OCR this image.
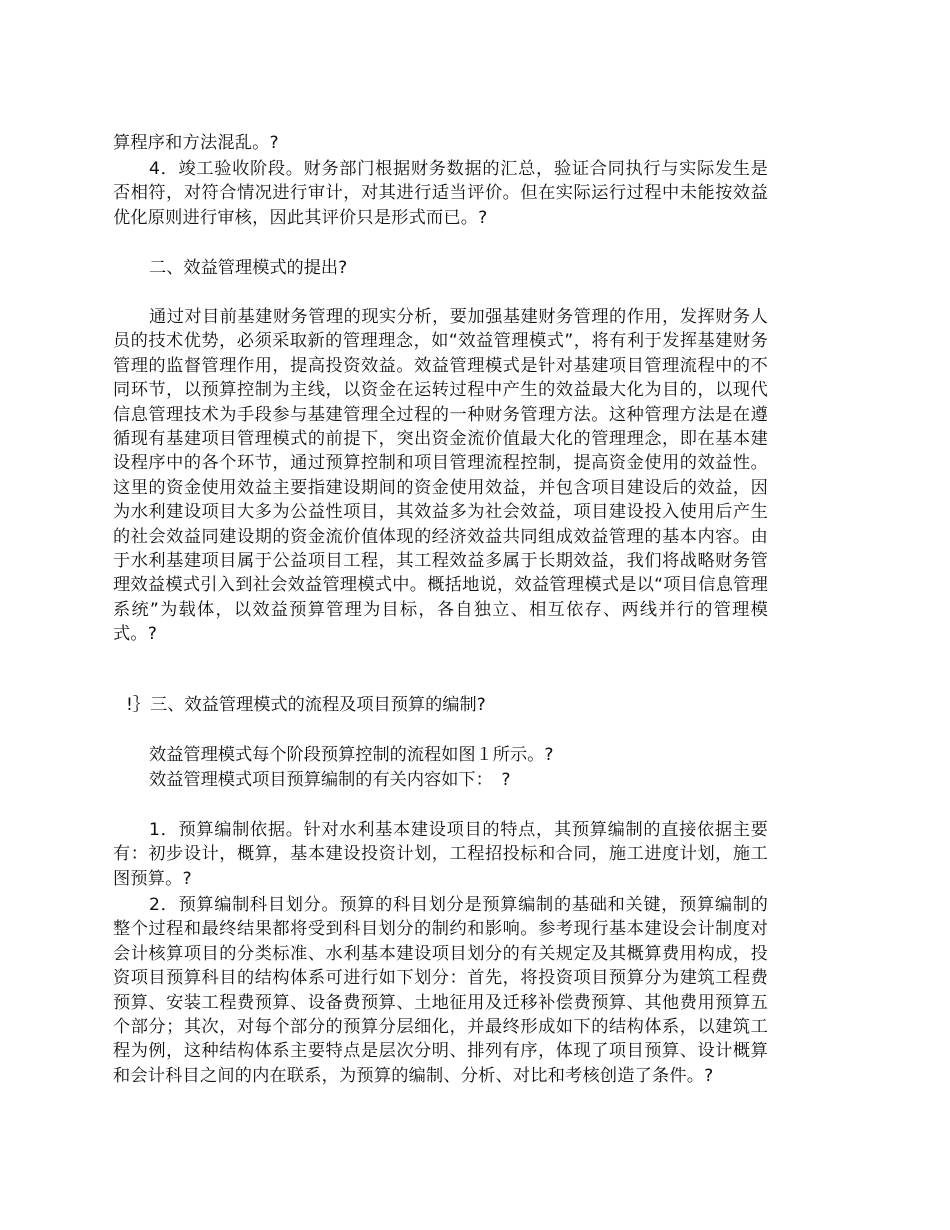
算程序和方法混乱。?

4．竣工验收阶段。财务部门根据财务数据的汇总，验证合同执行与实际发生是否相符，对符合情况进行审计，对其进行适当评价。但在实际运行过程中未能按效益优化原则进行审核，因此其评价只是形式而已。?

二、效益管理模式的提出?

通过对目前基建财务管理的现实分析，要加强基建财务管理的作用，发挥财务人员的技术优势，必须采取新的管理理念，如“效益管理模式”，将有利于发挥基建财务管理的监督管理作用，提高投资效益。效益管理模式是针对基建项目管理流程中的不同环节，以预算控制为主线，以资金在运转过程中产生的效益最大化为目的，以现代信息管理技术为手段参与基建管理全过程的一种财务管理方法。这种管理方法是在遵循现有基建项目管理模式的前提下，突出资金流价值最大化的管理理念，即在基本建设程序中的各个环节，通过预算控制和项目管理流程控制，提高资金使用的效益性。这里的资金使用效益主要指建设期间的资金使用效益，并包含项目建设后的效益，因为水利建设项目大多为公益性项目，其效益多为社会效益，项目建设投入使用后产生的社会效益同建设期的资金流价值体现的经济效益共同组成效益管理的基本内容。由于水利基建项目属于公益项目工程，其工程效益多属于长期效益，我们将战略财务管理效益模式引入到社会效益管理模式中。概括地说，效益管理模式是以“项目信息管理系统”为载体，以效益预算管理为目标，各自独立、相互依存、两线并行的管理模式。?

!｝三、效益管理模式的流程及项目预算的编制?

效益管理模式每个阶段预算控制的流程如图１所示。?

效益管理模式项目预算编制的有关内容如下：　?

1．预算编制依据。针对水利基本建设项目的特点，其预算编制的直接依据主要有：初步设计，概算，基本建设投资计划，工程招投标和合同，施工进度计划，施工图预算。?

2．预算编制科目划分。预算的科目划分是预算编制的基础和关键，预算编制的整个过程和最终结果都将受到科目划分的制约和影响。参考现行基本建设会计制度对会计核算项目的分类标准、水利基本建设项目划分的有关规定及其概算费用构成，投资项目预算科目的结构体系可进行如下划分：首先，将投资项目预算分为建筑工程费预算、安装工程费预算、设备费预算、土地征用及迁移补偿费预算、其他费用预算五个部分；其次，对每个部分的预算分层细化，并最终形成如下的结构体系，以建筑工程为例，这种结构体系主要特点是层次分明、排列有序，体现了项目预算、设计概算和会计科目之间的内在联系，为预算的编制、分析、对比和考核创造了条件。?
